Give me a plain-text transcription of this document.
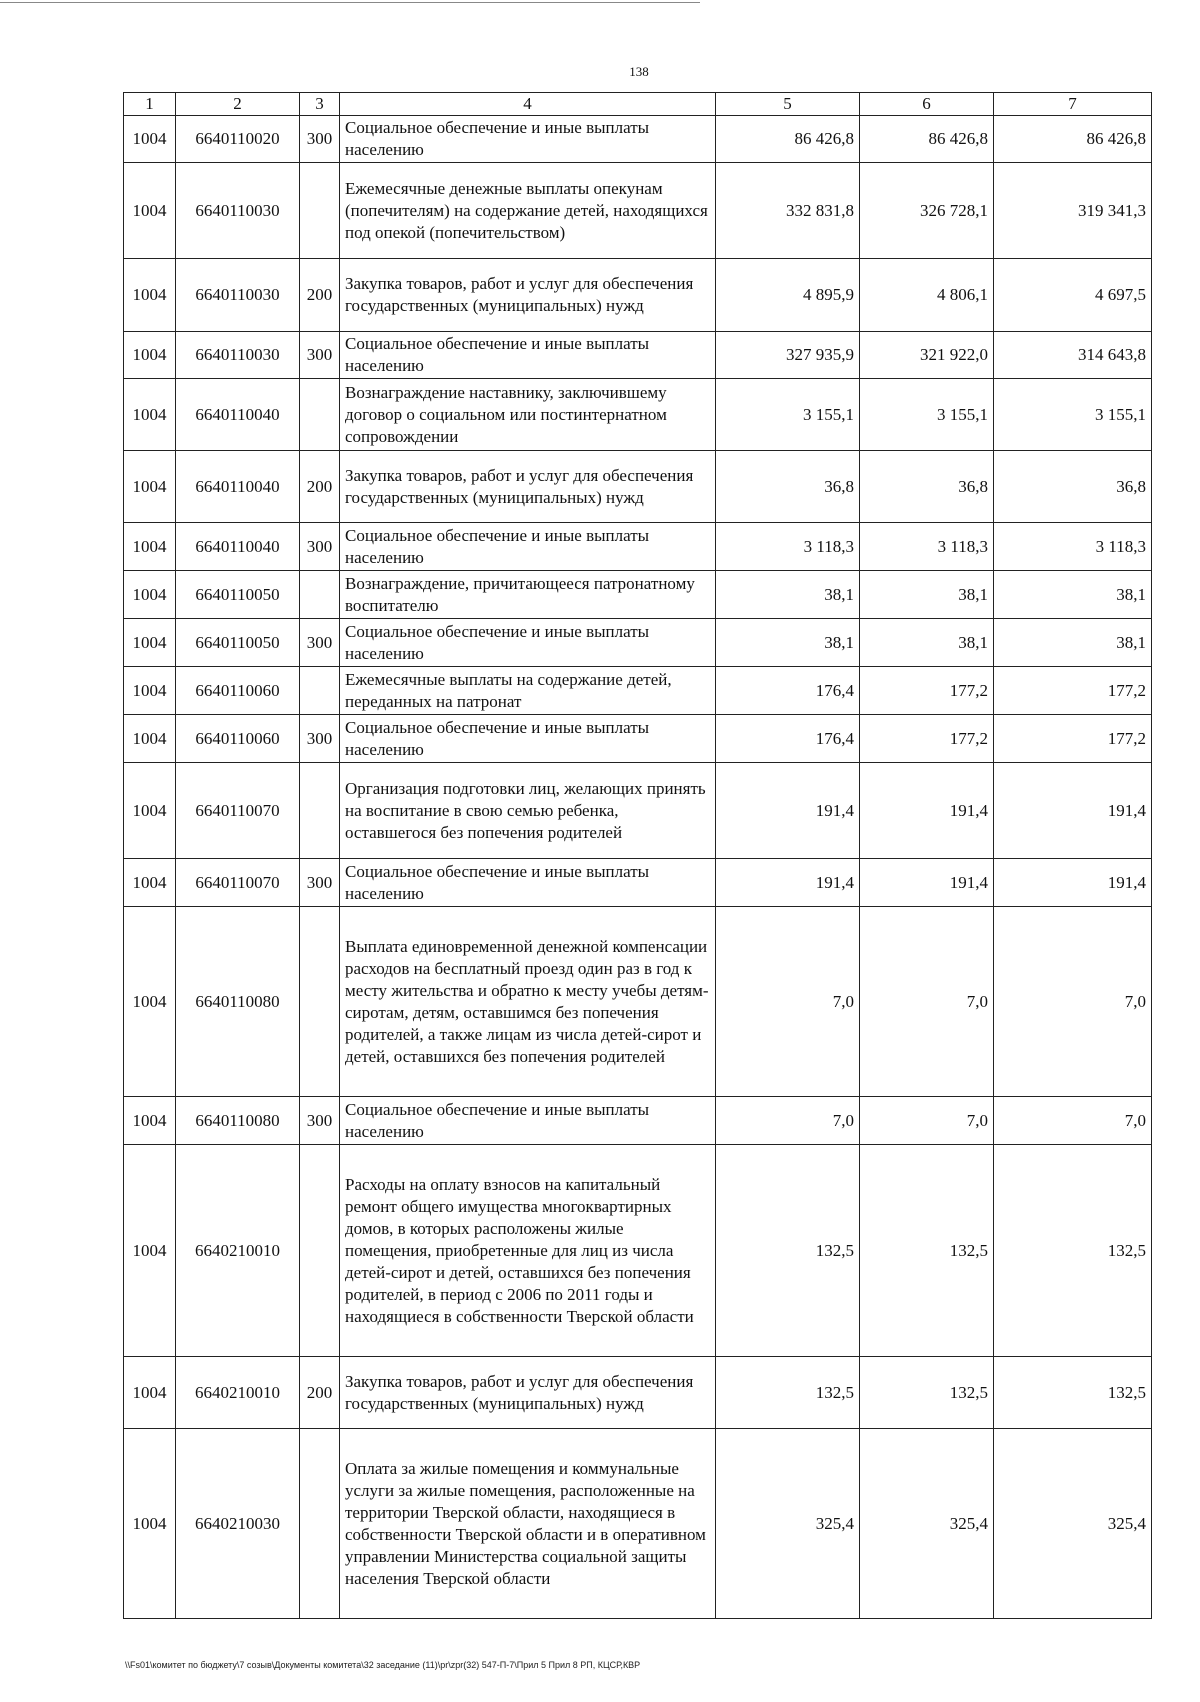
138
1	2	3	4	5	6	7
1004	6640110020	300	Социальное обеспечение и иные выплаты населению	86 426,8	86 426,8	86 426,8
1004	6640110030		Ежемесячные денежные выплаты опекунам (попечителям) на содержание детей, находящихся под опекой (попечительством)	332 831,8	326 728,1	319 341,3
1004	6640110030	200	Закупка товаров, работ и услуг для обеспечения государственных (муниципальных) нужд	4 895,9	4 806,1	4 697,5
1004	6640110030	300	Социальное обеспечение и иные выплаты населению	327 935,9	321 922,0	314 643,8
1004	6640110040		Вознаграждение наставнику, заключившему договор о социальном или постинтернатном сопровождении	3 155,1	3 155,1	3 155,1
1004	6640110040	200	Закупка товаров, работ и услуг для обеспечения государственных (муниципальных) нужд	36,8	36,8	36,8
1004	6640110040	300	Социальное обеспечение и иные выплаты населению	3 118,3	3 118,3	3 118,3
1004	6640110050		Вознаграждение, причитающееся патронатному воспитателю	38,1	38,1	38,1
1004	6640110050	300	Социальное обеспечение и иные выплаты населению	38,1	38,1	38,1
1004	6640110060		Ежемесячные выплаты на содержание детей, переданных на патронат	176,4	177,2	177,2
1004	6640110060	300	Социальное обеспечение и иные выплаты населению	176,4	177,2	177,2
1004	6640110070		Организация подготовки лиц, желающих принять на воспитание в свою семью ребенка, оставшегося без попечения родителей	191,4	191,4	191,4
1004	6640110070	300	Социальное обеспечение и иные выплаты населению	191,4	191,4	191,4
1004	6640110080		Выплата единовременной денежной компенсации расходов на бесплатный проезд один раз в год к месту жительства и обратно к месту учебы детям-сиротам, детям, оставшимся без попечения родителей, а также лицам из числа детей-сирот и детей, оставшихся без попечения родителей	7,0	7,0	7,0
1004	6640110080	300	Социальное обеспечение и иные выплаты населению	7,0	7,0	7,0
1004	6640210010		Расходы на оплату взносов на капитальный ремонт общего имущества многоквартирных домов, в которых расположены жилые помещения, приобретенные для лиц из числа детей-сирот и детей, оставшихся без попечения родителей, в период с 2006 по 2011 годы и находящиеся в собственности Тверской области	132,5	132,5	132,5
1004	6640210010	200	Закупка товаров, работ и услуг для обеспечения государственных (муниципальных) нужд	132,5	132,5	132,5
1004	6640210030		Оплата за жилые помещения и коммунальные услуги за жилые помещения, расположенные на территории Тверской области, находящиеся в собственности Тверской области и в оперативном управлении Министерства социальной защиты населения Тверской области	325,4	325,4	325,4
\\Fs01\комитет по бюджету\7 созыв\Документы комитета\32 заседание (11)\pr\zpr(32) 547-П-7\Прил 5 Прил 8 РП, КЦСР,КВР
